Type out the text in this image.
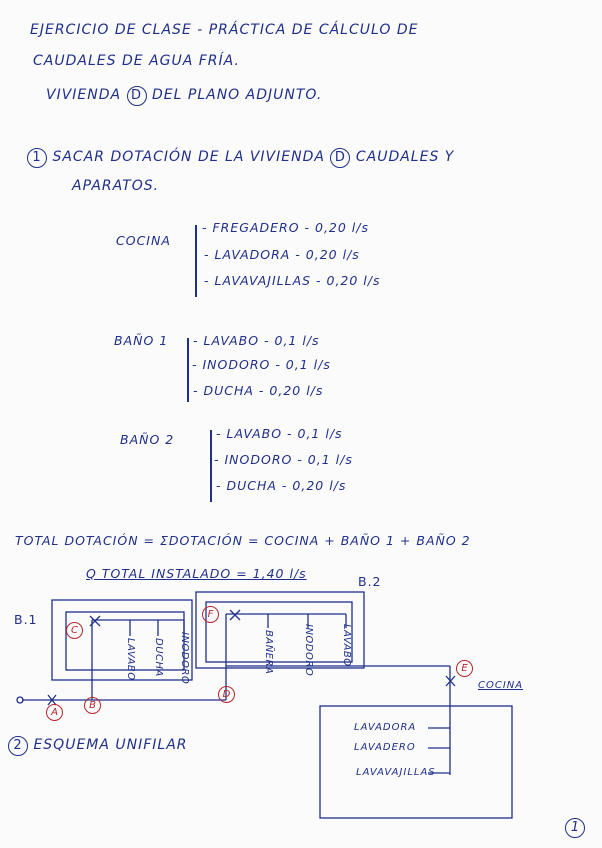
EJERCICIO DE CLASE - PRÁCTICA DE CÁLCULO DE
CAUDALES DE AGUA FRÍA.
VIVIENDA D DEL PLANO ADJUNTO.
1 SACAR DOTACIÓN DE LA VIVIENDA D CAUDALES Y
APARATOS.
COCINA
- FREGADERO - 0,20 l/s
- LAVADORA - 0,20 l/s
- LAVAVAJILLAS - 0,20 l/s
BAÑO 1 - LAVABO - 0,1 l/s
- INODORO - 0,1 l/s
- DUCHA - 0,20 l/s
BAÑO 2	- LAVABO - 0,1 l/s
- INODORO - 0,1 l/s
- DUCHA - 0,20 l/s
TOTAL DOTACIÓN = ΣDOTACIÓN = COCINA + BAÑO 1 + BAÑO 2
Q TOTAL INSTALADO = 1,40 l/s
B.1
B.2
COCINA
LAVABO DUCHA INODORO	BAÑERA	INODORO	LAVABO
LAVADORA
LAVADERO
LAVAVAJILLAS
A
B
C
D
E
F
2 ESQUEMA UNIFILAR
1
